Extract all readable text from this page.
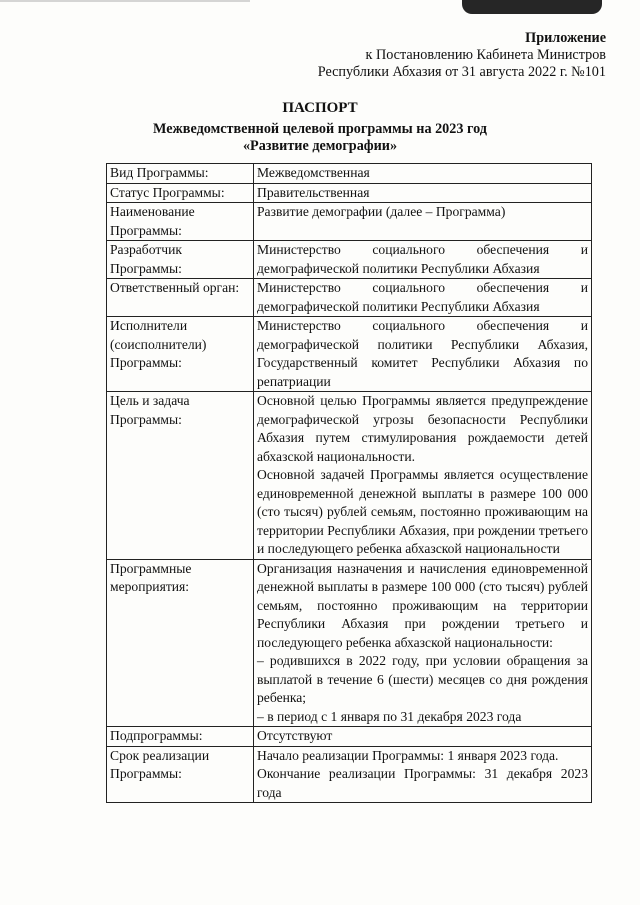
Приложение
к Постановлению Кабинета Министров
Республики Абхазия от 31 августа 2022 г. №101
ПАСПОРТ
Межведомственной целевой программы на 2023 год
«Развитие демографии»
Вид Программы:	Межведомственная
Статус Программы:	Правительственная
Наименование Программы:	Развитие демографии (далее – Программа)
Разработчик Программы:	Министерство социального обеспечения и демографической политики Республики Абхазия
Ответственный орган:	Министерство социального обеспечения и демографической политики Республики Абхазия
Исполнители (соисполнители) Программы:	Министерство социального обеспечения и демографической политики Республики Абхазия, Государственный комитет Республики Абхазия по репатриации
Цель и задача Программы:	Основной целью Программы является предупреждение демографической угрозы безопасности Республики Абхазия путем стимулирования рождаемости детей абхазской национальности.
Основной задачей Программы является осуществление единовременной денежной выплаты в размере 100 000 (сто тысяч) рублей семьям, постоянно проживающим на территории Республики Абхазия, при рождении третьего и последующего ребенка абхазской национальности

Программные мероприятия:	Организация назначения и начисления единовременной денежной выплаты в размере 100 000 (сто тысяч) рублей семьям, постоянно проживающим на территории Республики Абхазия при рождении третьего и последующего ребенка абхазской национальности:
– родившихся в 2022 году, при условии обращения за выплатой в течение 6 (шести) месяцев со дня рождения ребенка;
– в период с 1 января по 31 декабря 2023 года

Подпрограммы:	Отсутствуют
Срок реализации Программы:	Начало реализации Программы: 1 января 2023 года.
Окончание реализации Программы: 31 декабря 2023 года
